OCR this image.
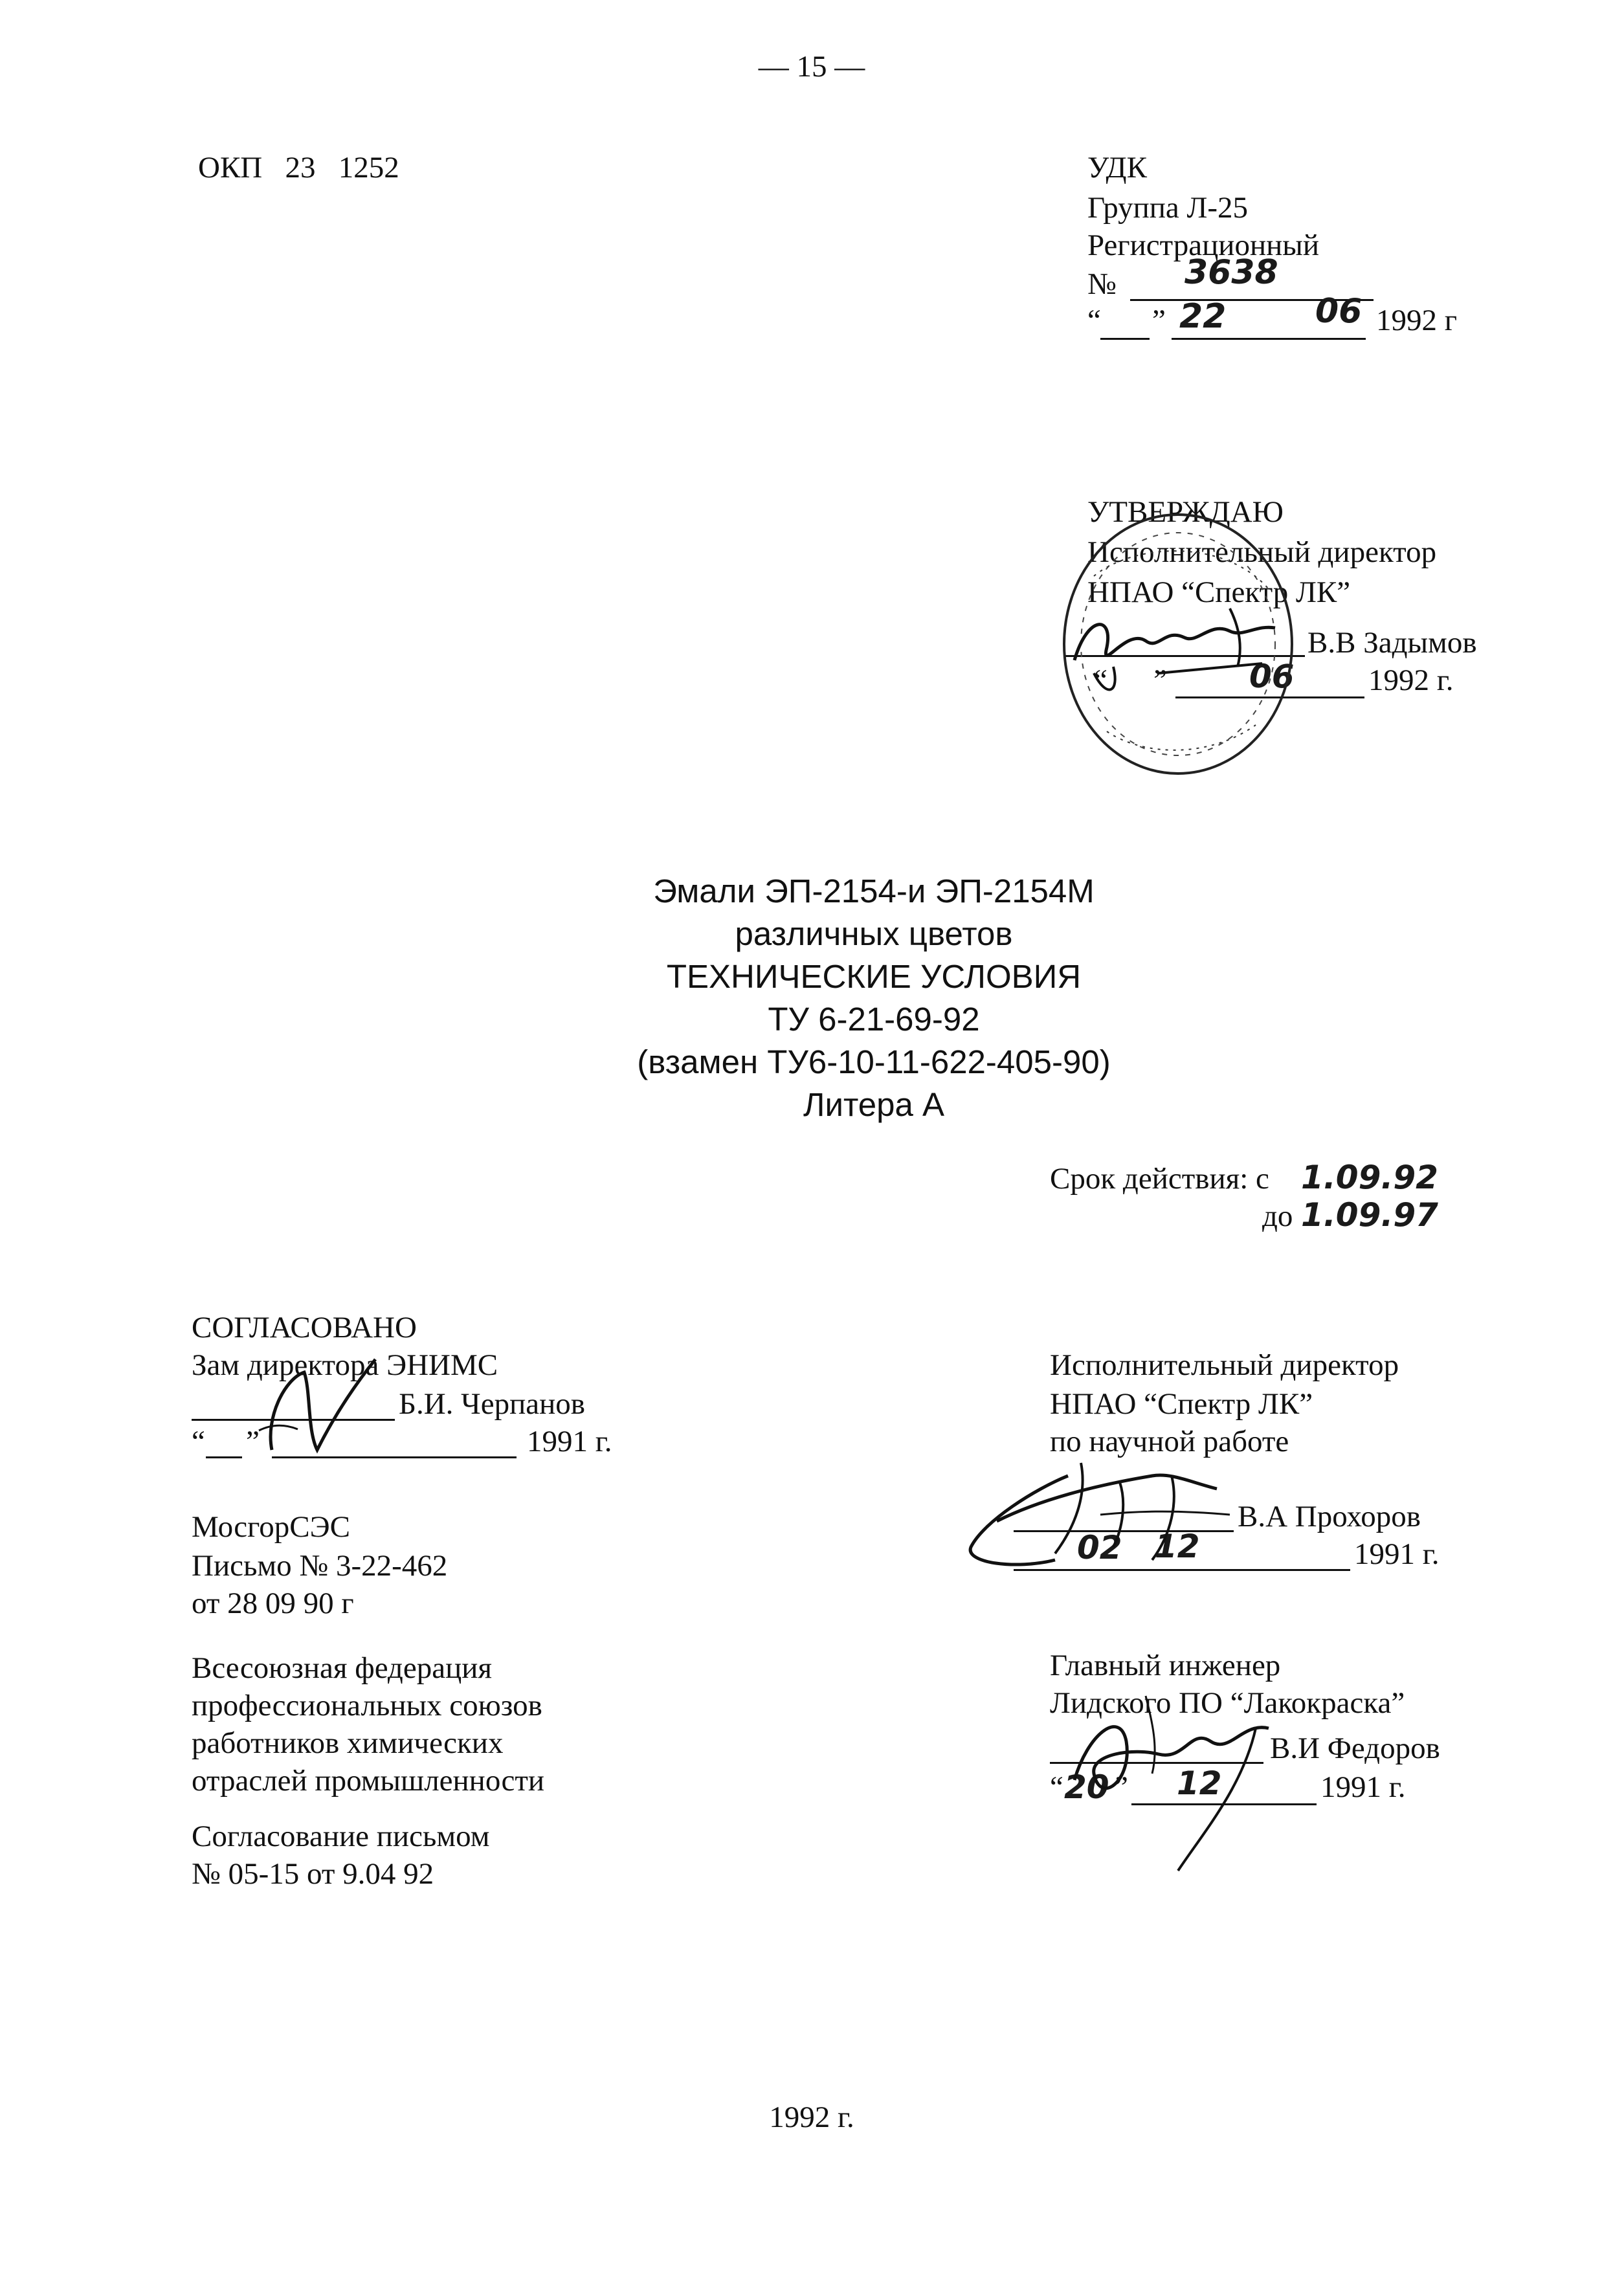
— 15 —
ОКП   23   1252	УДК
Группа Л-25
Регистрационный
№ 3638
“ ” 22	06 1992 г
УТВЕРЖДАЮ
Исполнительный директор
НПАО “Спектр ЛК”
В.В Задымов
“ ”	06 1992 г.
Эмали ЭП-2154-и ЭП-2154М
различных цветов
ТЕХНИЧЕСКИЕ УСЛОВИЯ
ТУ 6-21-69-92
(взамен ТУ6-10-11-622-405-90)
Литера А
Срок действия: с 1.09.92
до 1.09.97
СОГЛАСОВАНО
Зам директора ЭНИМС
Б.И. Черпанов
“ ”	1991 г.
МосгорСЭС
Письмо № 3-22-462
от 28 09 90 г
Всесоюзная федерация
профессиональных союзов
работников химических
отраслей промышленности
Согласование письмом
№ 05-15 от 9.04 92
Исполнительный директор
НПАО “Спектр ЛК”
по научной работе
В.А Прохоров
02 12	1991 г.
Главный инженер
Лидского ПО “Лакокраска”
В.И Федоров
“ 20 ” 12	1991 г.
1992 г.
